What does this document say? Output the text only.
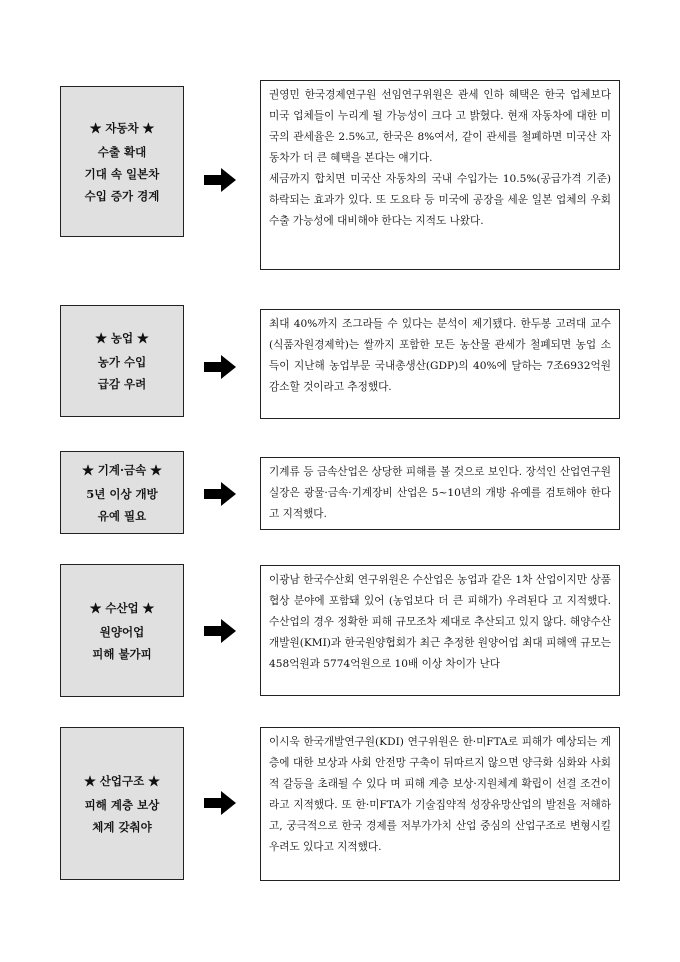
★ 자동차 ★
수출 확대
기대 속 일본차
수입 증가 경계

권영민 한국경제연구원 선임연구위원은 관세 인하 혜택은 한국 업체보다 미국 업체들이 누리게 될 가능성이 크다 고 밝혔다. 현재 자동차에 대한 미국의 관세율은 2.5%고, 한국은 8%여서, 같이 관세를 철폐하면 미국산 자동차가 더 큰 혜택을 본다는 얘기다.

세금까지 합치면 미국산 자동차의 국내 수입가는 10.5%(공급가격 기준) 하락되는 효과가 있다. 또 도요타 등 미국에 공장을 세운 일본 업체의 우회 수출 가능성에 대비해야 한다는 지적도 나왔다.

★ 농업 ★
농가 수입
급감 우려

최대 40%까지 조그라들 수 있다는 분석이 제기됐다. 한두봉 고려대 교수(식품자원경제학)는 쌀까지 포함한 모든 농산물 관세가 철폐되면 농업 소득이 지난해 농업부문 국내총생산(GDP)의 40%에 달하는 7조6932억원 감소할 것이라고 추정했다.

★ 기계·금속 ★
5년 이상 개방
유예 필요

기계류 등 금속산업은 상당한 피해를 볼 것으로 보인다. 장석인 산업연구원 실장은 광물·금속·기계장비 산업은 5~10년의 개방 유예를 검토해야 한다 고 지적했다.

★ 수산업 ★
원양어업
피해 불가피

이광남 한국수산회 연구위원은 수산업은 농업과 같은 1차 산업이지만 상품협상 분야에 포함돼 있어 (농업보다 더 큰 피해가) 우려된다 고 지적했다. 수산업의 경우 정확한 피해 규모조차 제대로 추산되고 있지 않다. 해양수산개발원(KMI)과 한국원양협회가 최근 추정한 원양어업 최대 피해액 규모는 458억원과 5774억원으로 10배 이상 차이가 난다

★ 산업구조 ★
피해 계층 보상
체계 갖춰야

이시욱 한국개발연구원(KDI) 연구위원은 한·미FTA로 피해가 예상되는 계층에 대한 보상과 사회 안전망 구축이 뒤따르지 않으면 양극화 심화와 사회적 갈등을 초래될 수 있다 며 피해 계층 보상·지원체계 확립이 선결 조건이라고 지적했다. 또 한·미FTA가 기술집약적 성장유망산업의 발전을 저해하고, 궁극적으로 한국 경제를 저부가가치 산업 중심의 산업구조로 변형시킬 우려도 있다고 지적했다.
